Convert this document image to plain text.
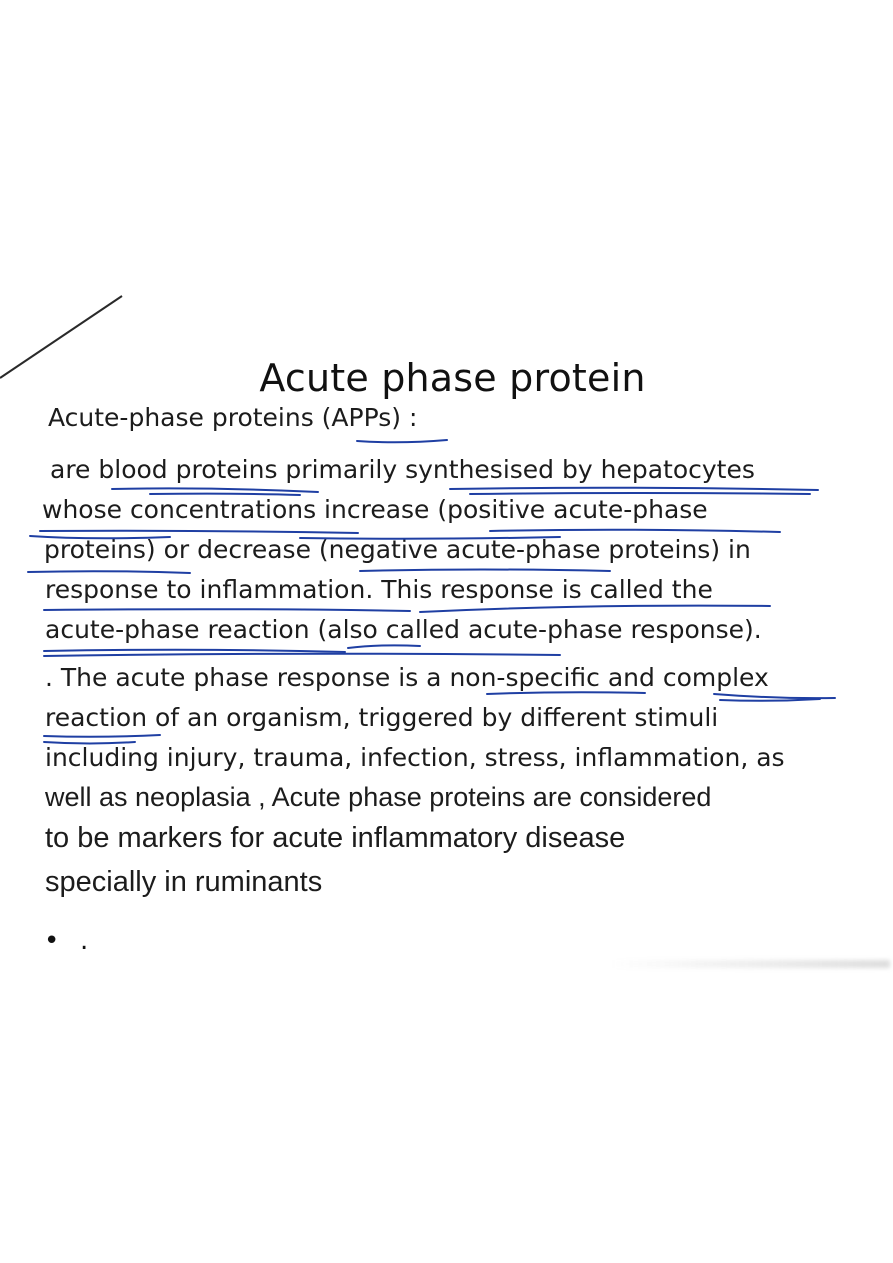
Acute phase protein
Acute-phase proteins (APPs) :
are blood proteins primarily synthesised by hepatocytes
whose concentrations increase (positive acute-phase
proteins) or decrease (negative acute-phase proteins) in
response to inflammation. This response is called the
acute-phase reaction (also called acute-phase response).
. The acute phase response is a non-specific and complex
reaction of an organism, triggered by different stimuli
including injury, trauma, infection, stress, inflammation, as
well as neoplasia , Acute phase proteins are considered
to be markers for acute inflammatory disease
specially in ruminants
• .
